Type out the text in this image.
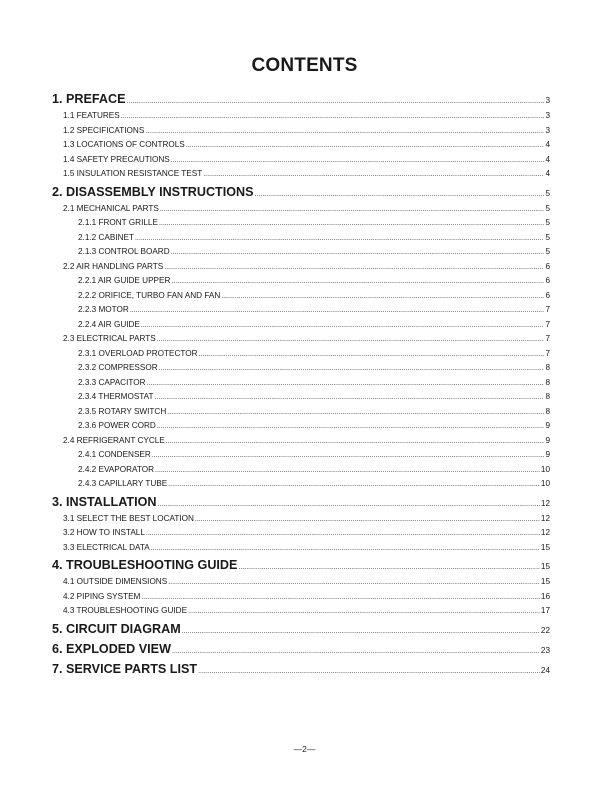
CONTENTS
1. PREFACE .....	3
1.1 FEATURES .....	3
1.2 SPECIFICATIONS .....	3
1.3 LOCATIONS OF CONTROLS .....	4
1.4 SAFETY PRECAUTIONS .....	4
1.5 INSULATION RESISTANCE TEST .....	4
2. DISASSEMBLY INSTRUCTIONS .....	5
2.1 MECHANICAL PARTS .....	5
2.1.1 FRONT GRILLE .....	5
2.1.2 CABINET .....	5
2.1.3 CONTROL BOARD .....	5
2.2 AIR HANDLING PARTS .....	6
2.2.1 AIR GUIDE UPPER .....	6
2.2.2 ORIFICE, TURBO FAN AND FAN .....	6
2.2.3 MOTOR .....	7
2.2.4 AIR GUIDE .....	7
2.3 ELECTRICAL PARTS .....	7
2.3.1 OVERLOAD PROTECTOR .....	7
2.3.2 COMPRESSOR .....	8
2.3.3 CAPACITOR .....	8
2.3.4 THERMOSTAT .....	8
2.3.5 ROTARY SWITCH .....	8
2.3.6 POWER CORD .....	9
2.4 REFRIGERANT CYCLE .....	9
2.4.1 CONDENSER .....	9
2.4.2 EVAPORATOR .....	10
2.4.3 CAPILLARY TUBE .....	10
3. INSTALLATION .....	12
3.1 SELECT THE BEST LOCATION .....	12
3.2 HOW TO INSTALL .....	12
3.3 ELECTRICAL DATA .....	15
4. TROUBLESHOOTING GUIDE .....	15
4.1 OUTSIDE DIMENSIONS .....	15
4.2 PIPING SYSTEM .....	16
4.3 TROUBLESHOOTING GUIDE .....	17
5. CIRCUIT DIAGRAM .....	22
6. EXPLODED VIEW .....	23
7. SERVICE PARTS LIST .....	24
—2—
